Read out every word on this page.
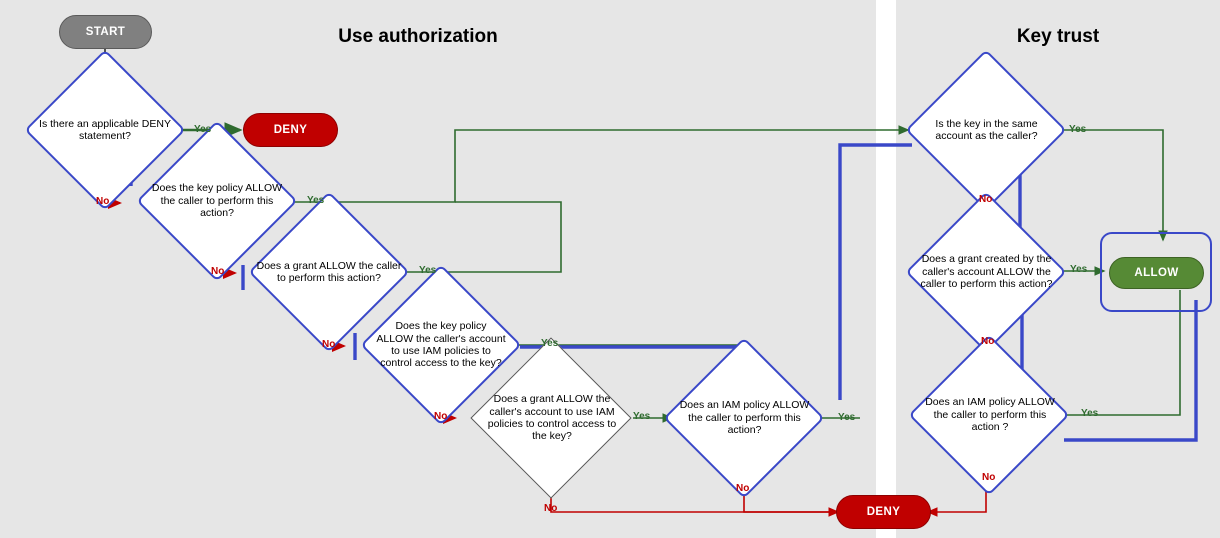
Use authorization	Key trust
START
DENY
DENY
ALLOW
Is there an applicable DENY statement?
Does the key policy ALLOW the caller to perform this action?
Does a grant ALLOW the caller to perform this action?
Does the key policy ALLOW the caller's account to use IAM policies to control access to the key?
Does a grant ALLOW the caller's account to use IAM policies to control access to the key?
Does an IAM policy ALLOW the caller to perform this action?
Is the key in the same account as the caller?
Does a grant created by the caller's account ALLOW the caller to perform this action?
Does an IAM policy ALLOW the caller to perform this action ?
Yes
No	Yes
No	Yes
No	Yes
No	Yes
No
Yes
No
Yes
No
Yes
No
Yes
No
